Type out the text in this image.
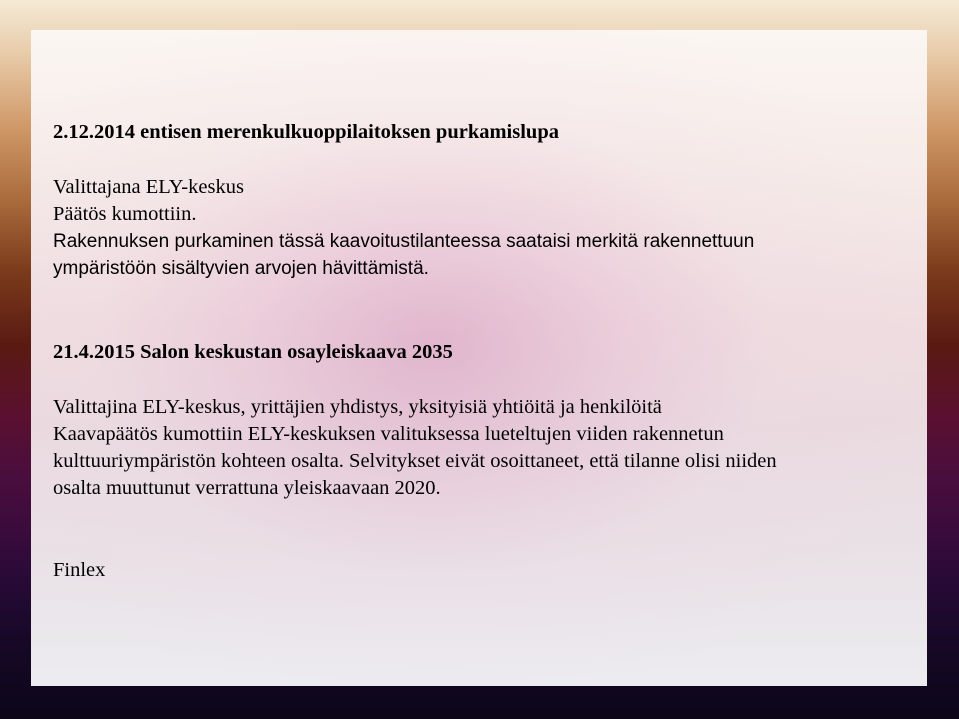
2.12.2014 entisen merenkulkuoppilaitoksen purkamislupa

Valittajana ELY-keskus

Päätös kumottiin.

Rakennuksen purkaminen tässä kaavoitustilanteessa saataisi merkitä rakennettuun

ympäristöön sisältyvien arvojen hävittämistä.

21.4.2015 Salon keskustan osayleiskaava 2035

Valittajina ELY-keskus, yrittäjien yhdistys, yksityisiä yhtiöitä ja henkilöitä

Kaavapäätös kumottiin ELY-keskuksen valituksessa lueteltujen viiden rakennetun

kulttuuriympäristön kohteen osalta. Selvitykset eivät osoittaneet, että tilanne olisi niiden

osalta muuttunut verrattuna yleiskaavaan 2020.

Finlex
